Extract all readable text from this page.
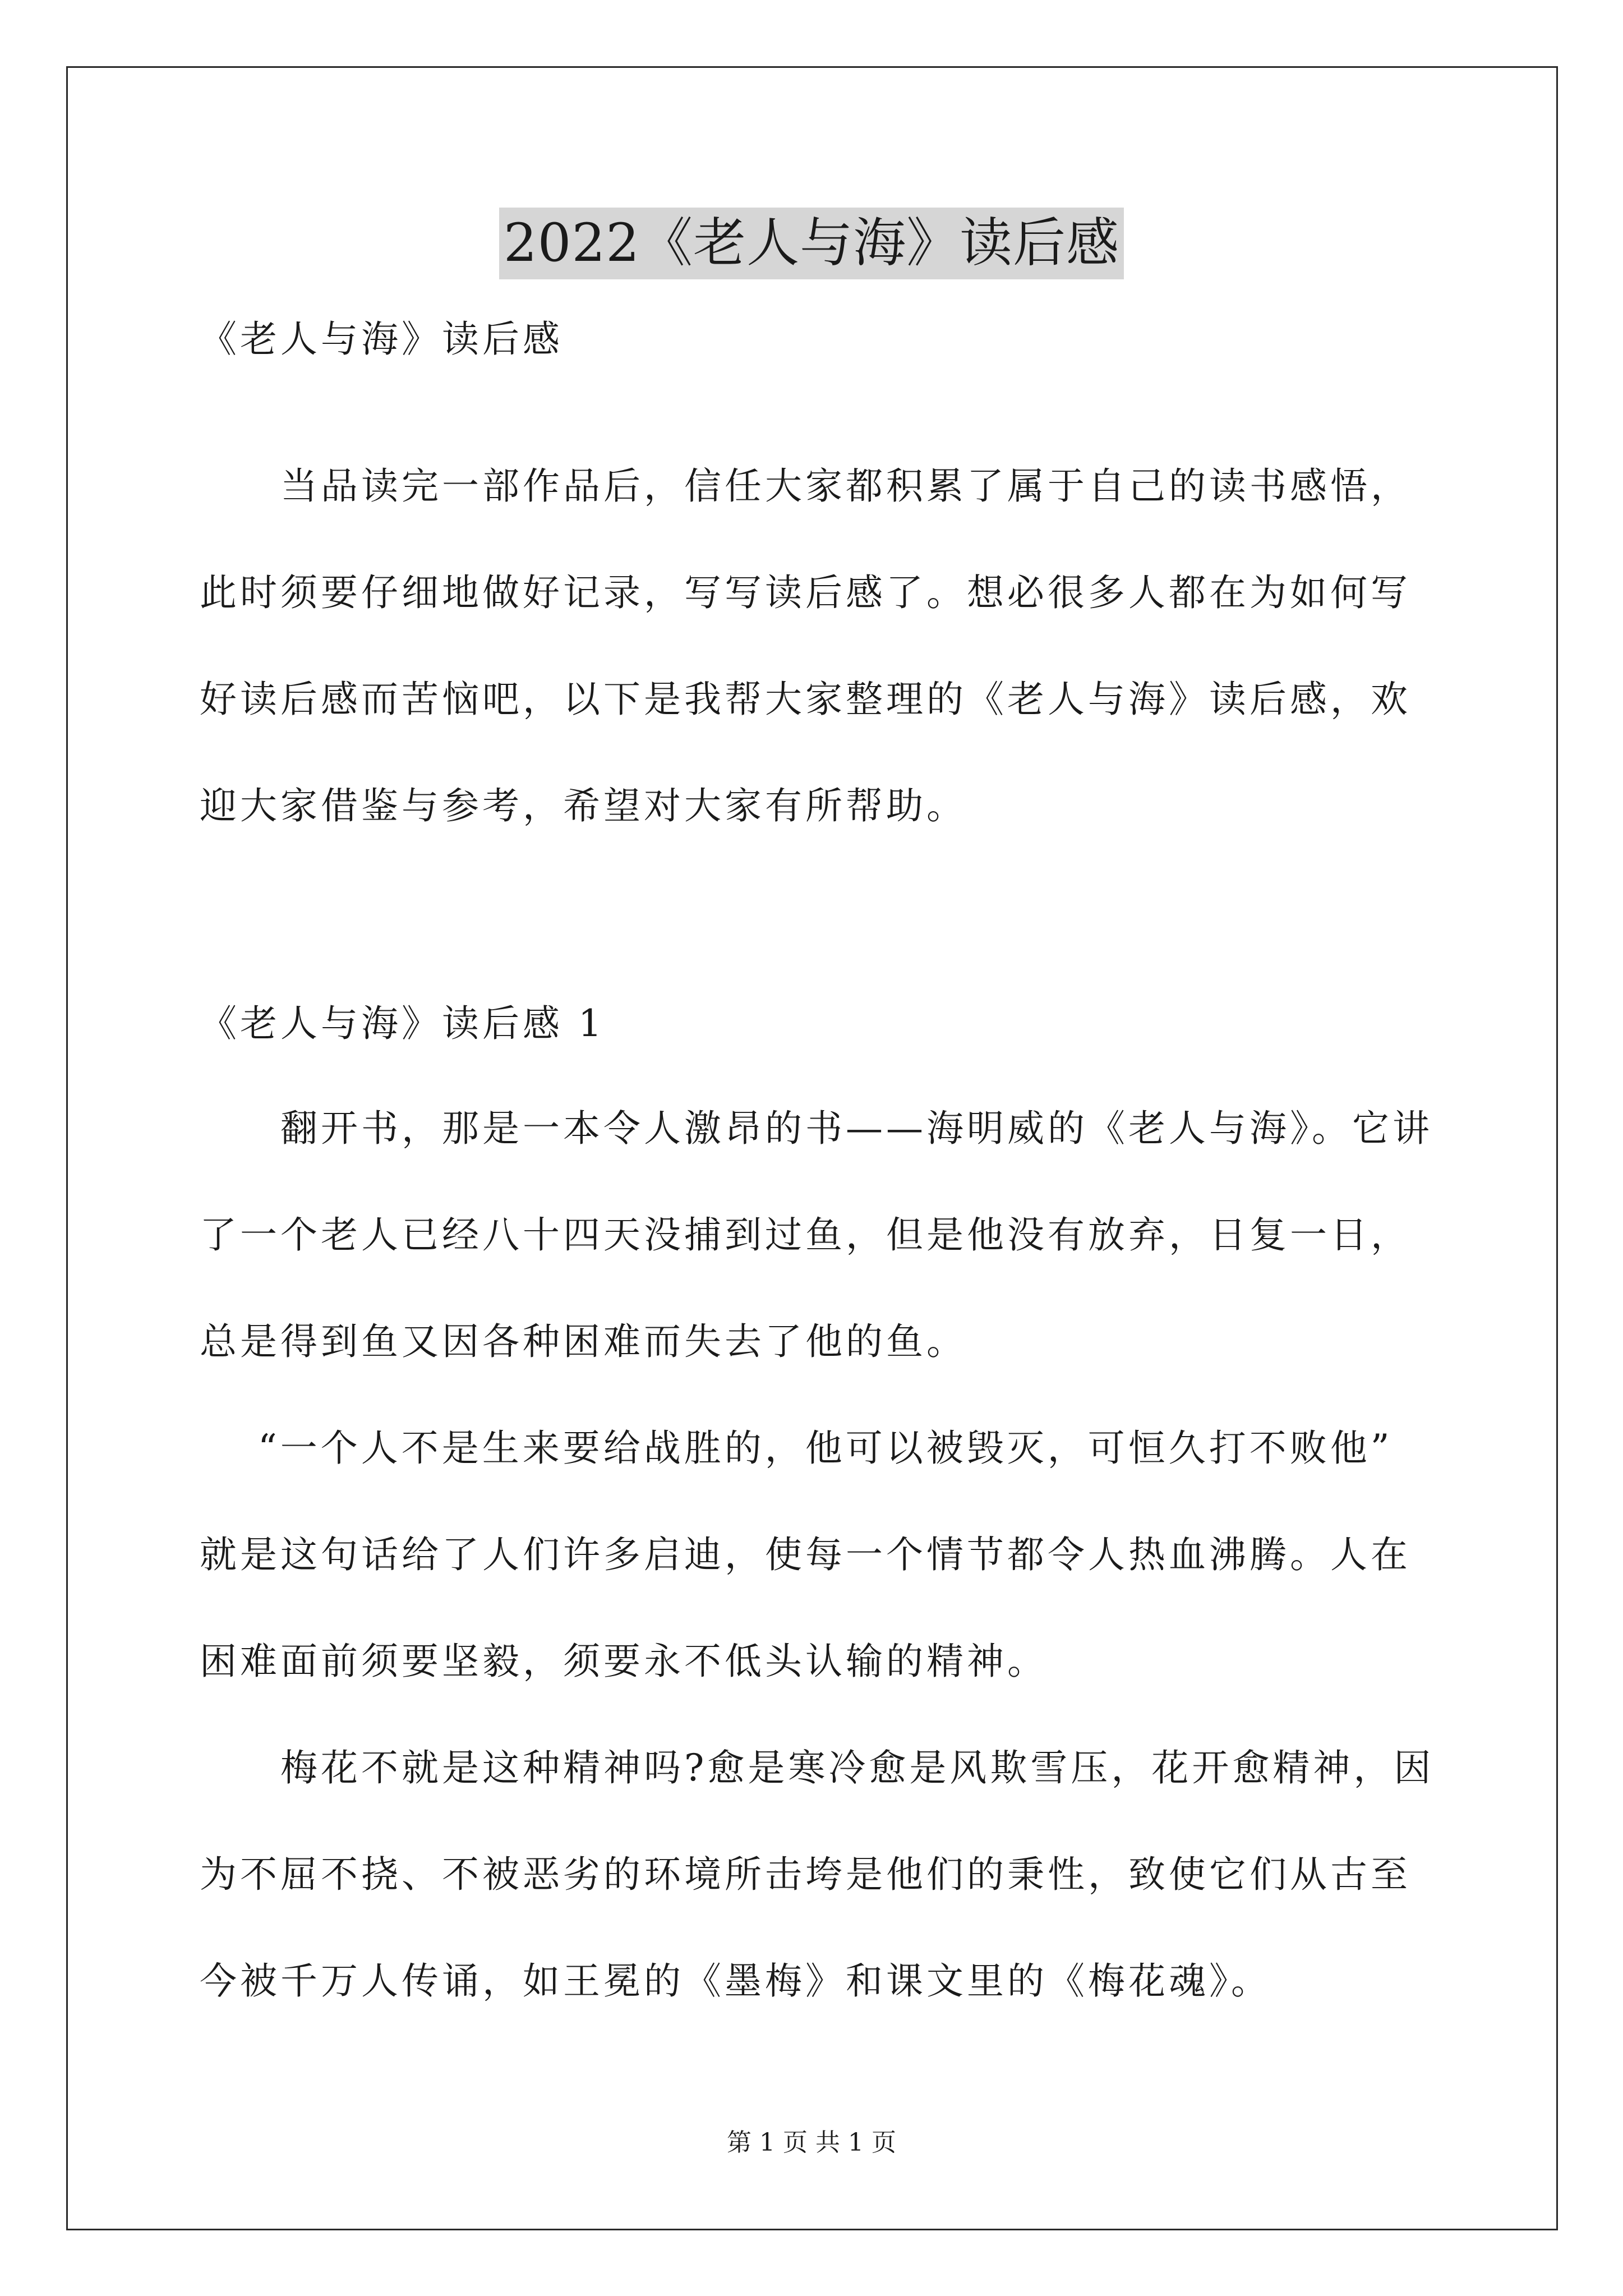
2022《老人与海》读后感
《老人与海》读后感
当品读完一部作品后，信任大家都积累了属于自己的读书感悟，
此时须要仔细地做好记录，写写读后感了。想必很多人都在为如何写
好读后感而苦恼吧，以下是我帮大家整理的《老人与海》读后感，欢
迎大家借鉴与参考，希望对大家有所帮助。
《老人与海》读后感 1
翻开书，那是一本令人激昂的书——海明威的《老人与海》。它讲
了一个老人已经八十四天没捕到过鱼，但是他没有放弃，日复一日，
总是得到鱼又因各种困难而失去了他的鱼。
“一个人不是生来要给战胜的，他可以被毁灭，可恒久打不败他”
就是这句话给了人们许多启迪，使每一个情节都令人热血沸腾。人在
困难面前须要坚毅，须要永不低头认输的精神。
梅花不就是这种精神吗?愈是寒冷愈是风欺雪压，花开愈精神，因
为不屈不挠、不被恶劣的环境所击垮是他们的秉性，致使它们从古至
今被千万人传诵，如王冕的《墨梅》和课文里的《梅花魂》。
第 1 页 共 1 页
